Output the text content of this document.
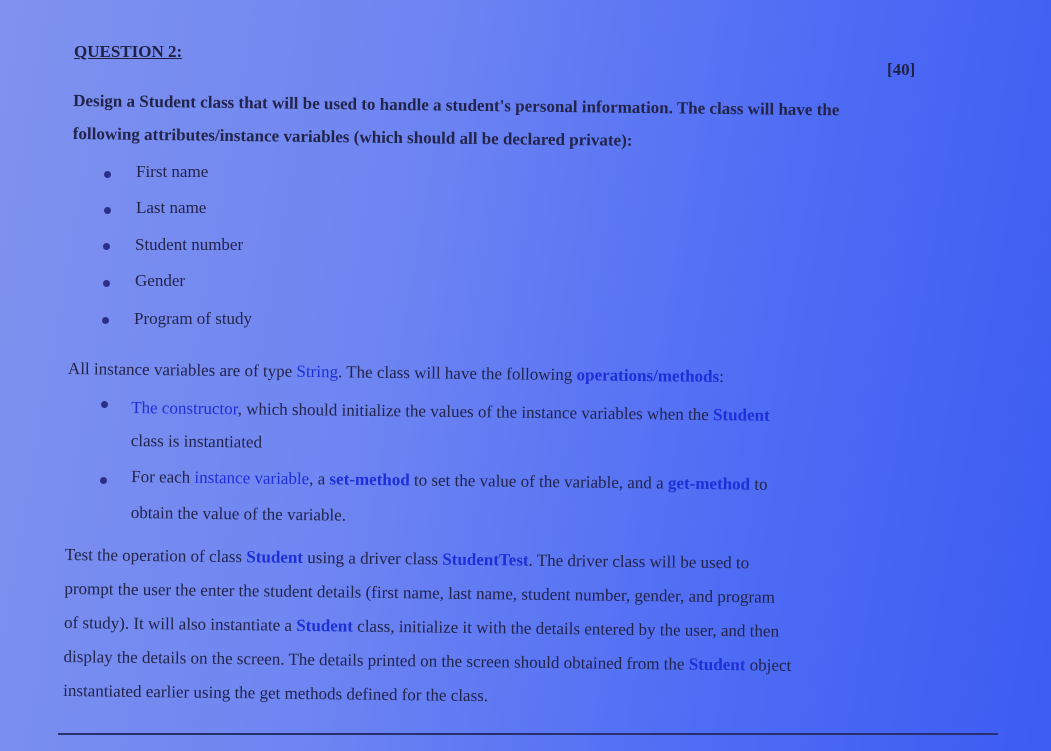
QUESTION 2:
[40]
Design a Student class that will be used to handle a student's personal information. The class will have the
following attributes/instance variables (which should all be declared private):
First name
Last name
Student number
Gender
Program of study
All instance variables are of type String. The class will have the following operations/methods:
The constructor, which should initialize the values of the instance variables when the Student
class is instantiated
For each instance variable, a set-method to set the value of the variable, and a get-method to
obtain the value of the variable.
Test the operation of class Student using a driver class StudentTest. The driver class will be used to
prompt the user the enter the student details (first name, last name, student number, gender, and program
of study). It will also instantiate a Student class, initialize it with the details entered by the user, and then
display the details on the screen. The details printed on the screen should obtained from the Student object
instantiated earlier using the get methods defined for the class.
